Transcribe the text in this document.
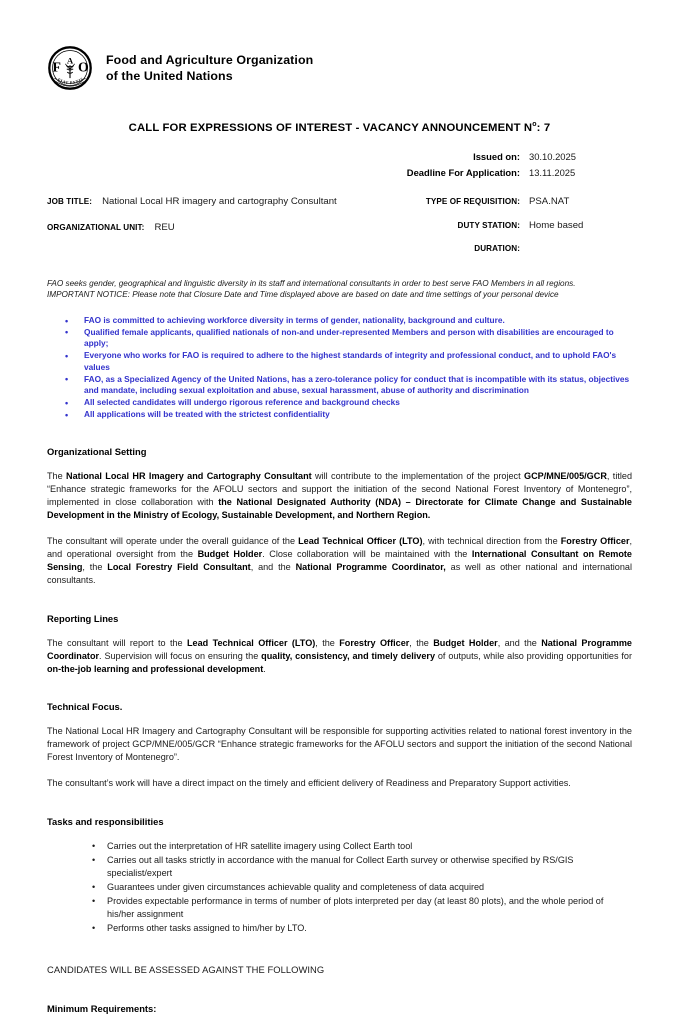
F A O
FIAT PANIS
Food and Agriculture Organization
of the United Nations
CALL FOR EXPRESSIONS OF INTEREST - VACANCY ANNOUNCEMENT $N^o$: 7
Issued on: 30.10.2025
Deadline For Application: 13.11.2025
JOB TITLE:	National Local HR imagery and cartography Consultant
ORGANIZATIONAL UNIT:	REU
TYPE OF REQUISITION: PSA.NAT
DUTY STATION: Home based
DURATION:
FAO seeks gender, geographical and linguistic diversity in its staff and international consultants in order to best serve FAO Members in all regions.
IMPORTANT NOTICE: Please note that Closure Date and Time displayed above are based on date and time settings of your personal device
• FAO is committed to achieving workforce diversity in terms of gender, nationality, background and culture.
• Qualified female applicants, qualified nationals of non-and under-represented Members and person with disabilities are encouraged to apply;
• Everyone who works for FAO is required to adhere to the highest standards of integrity and professional conduct, and to uphold FAO's values
• FAO, as a Specialized Agency of the United Nations, has a zero-tolerance policy for conduct that is incompatible with its status, objectives and mandate, including sexual exploitation and abuse, sexual harassment, abuse of authority and discrimination
• All selected candidates will undergo rigorous reference and background checks
• All applications will be treated with the strictest confidentiality
Organizational Setting

The National Local HR Imagery and Cartography Consultant will contribute to the implementation of the project GCP/MNE/005/GCR, titled “Enhance strategic frameworks for the AFOLU sectors and support the initiation of the second National Forest Inventory of Montenegro”, implemented in close collaboration with the National Designated Authority (NDA) – Directorate for Climate Change and Sustainable Development in the Ministry of Ecology, Sustainable Development, and Northern Region.

The consultant will operate under the overall guidance of the Lead Technical Officer (LTO), with technical direction from the Forestry Officer, and operational oversight from the Budget Holder. Close collaboration will be maintained with the International Consultant on Remote Sensing, the Local Forestry Field Consultant, and the National Programme Coordinator, as well as other national and international consultants.

Reporting Lines

The consultant will report to the Lead Technical Officer (LTO), the Forestry Officer, the Budget Holder, and the National Programme Coordinator. Supervision will focus on ensuring the quality, consistency, and timely delivery of outputs, while also providing opportunities for on-the-job learning and professional development.

Technical Focus.

The National Local HR Imagery and Cartography Consultant will be responsible for supporting activities related to national forest inventory in the framework of project GCP/MNE/005/GCR “Enhance strategic frameworks for the AFOLU sectors and support the initiation of the second National Forest Inventory of Montenegro”.

The consultant’s work will have a direct impact on the timely and efficient delivery of Readiness and Preparatory Support activities.

Tasks and responsibilities
• Carries out the interpretation of HR satellite imagery using Collect Earth tool
• Carries out all tasks strictly in accordance with the manual for Collect Earth survey or otherwise specified by RS/GIS specialist/expert
• Guarantees under given circumstances achievable quality and completeness of data acquired
• Provides expectable performance in terms of number of plots interpreted per day (at least 80 plots), and the whole period of his/her assignment
• Performs other tasks assigned to him/her by LTO.
CANDIDATES WILL BE ASSESSED AGAINST THE FOLLOWING
Minimum Requirements:
